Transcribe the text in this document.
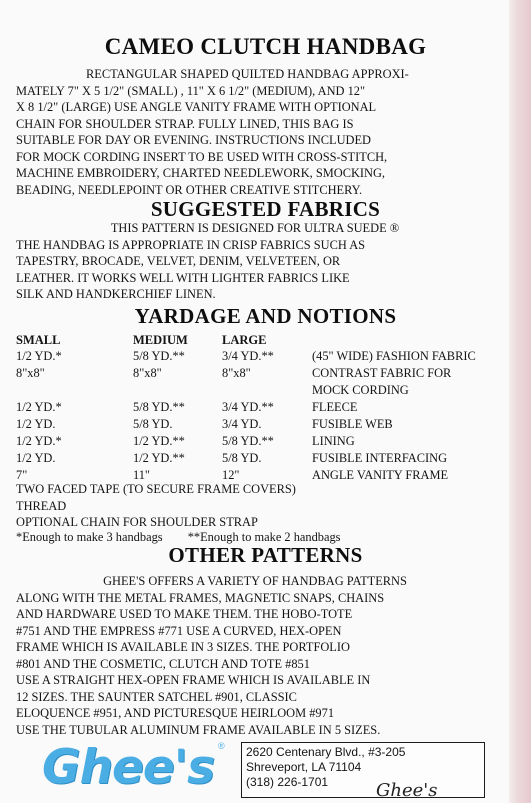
CAMEO CLUTCH HANDBAG

RECTANGULAR SHAPED QUILTED HANDBAG APPROXI-

MATELY 7" X 5 1/2" (SMALL) , 11" X 6 1/2" (MEDIUM), AND 12"

X 8 1/2" (LARGE) USE ANGLE VANITY FRAME WITH OPTIONAL

CHAIN FOR SHOULDER STRAP. FULLY LINED, THIS BAG IS

SUITABLE FOR DAY OR EVENING. INSTRUCTIONS INCLUDED

FOR MOCK CORDING INSERT TO BE USED WITH CROSS-STITCH,

MACHINE EMBROIDERY, CHARTED NEEDLEWORK, SMOCKING,

BEADING, NEEDLEPOINT OR OTHER CREATIVE STITCHERY.

SUGGESTED FABRICS

THIS PATTERN IS DESIGNED FOR ULTRA SUEDE ®

THE HANDBAG IS APPROPRIATE IN CRISP FABRICS SUCH AS

TAPESTRY, BROCADE, VELVET, DENIM, VELVETEEN, OR

LEATHER. IT WORKS WELL WITH LIGHTER FABRICS LIKE

SILK AND HANDKERCHIEF LINEN.

YARDAGE AND NOTIONS
SMALL	MEDIUM	LARGE
1/2 YD.*	5/8 YD.**	3/4 YD.**	(45" WIDE) FASHION FABRIC
8"x8"	8"x8"	8"x8"	CONTRAST FABRIC FOR
MOCK CORDING
1/2 YD.*	5/8 YD.**	3/4 YD.**	FLEECE
1/2 YD.	5/8 YD.	3/4 YD.	FUSIBLE WEB
1/2 YD.*	1/2 YD.**	5/8 YD.**	LINING
1/2 YD.	1/2 YD.**	5/8 YD.	FUSIBLE INTERFACING
7"	11"	12"	ANGLE VANITY FRAME

TWO FACED TAPE (TO SECURE FRAME COVERS)

THREAD

OPTIONAL CHAIN FOR SHOULDER STRAP

*Enough to make 3 handbags **Enough to make 2 handbags
OTHER PATTERNS

GHEE'S OFFERS A VARIETY OF HANDBAG PATTERNS

ALONG WITH THE METAL FRAMES, MAGNETIC SNAPS, CHAINS

AND HARDWARE USED TO MAKE THEM. THE HOBO-TOTE

#751 AND THE EMPRESS #771 USE A CURVED, HEX-OPEN

FRAME WHICH IS AVAILABLE IN 3 SIZES. THE PORTFOLIO

#801 AND THE COSMETIC, CLUTCH AND TOTE #851

USE A STRAIGHT HEX-OPEN FRAME WHICH IS AVAILABLE IN

12 SIZES. THE SAUNTER SATCHEL #901, CLASSIC

ELOQUENCE #951, AND PICTURESQUE HEIRLOOM #971

USE THE TUBULAR ALUMINUM FRAME AVAILABLE IN 5 SIZES.

Ghee's ® 2620 Centenary Blvd., #3-205

Shreveport, LA 71104

(318) 226-1701	Ghee's
